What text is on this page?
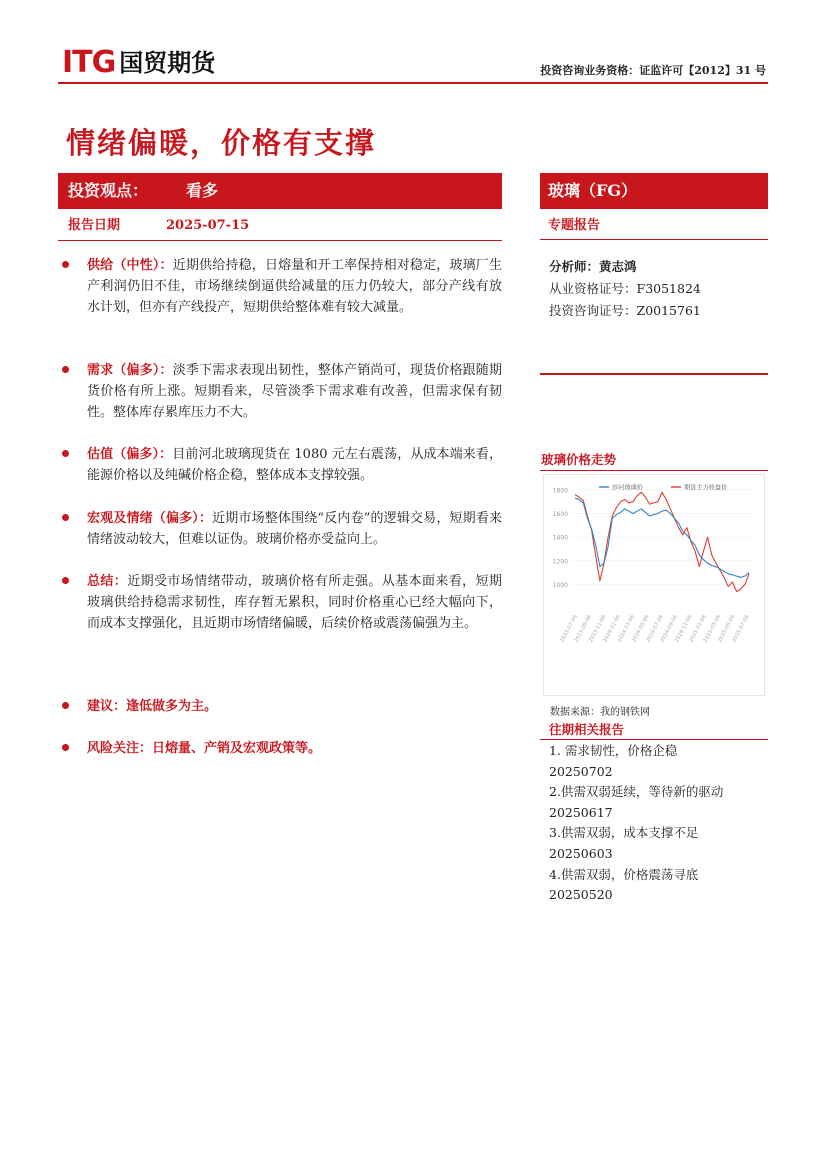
ITG 国贸期货	投资咨询业务资格：证监许可【2012】31 号
情绪偏暖，价格有支撑
投资观点： 看多	玻璃（FG）
报告日期	2025-07-15	专题报告
供给（中性）：近期供给持稳，日熔量和开工率保持相对稳定，玻璃厂生产利润仍旧不佳，市场继续倒逼供给减量的压力仍较大，部分产线有放水计划，但亦有产线投产，短期供给整体难有较大减量。
需求（偏多）：淡季下需求表现出韧性，整体产销尚可，现货价格跟随期货价格有所上涨。短期看来，尽管淡季下需求难有改善，但需求保有韧性。整体库存累库压力不大。
估值（偏多）：目前河北玻璃现货在 1080 元左右震荡，从成本端来看，能源价格以及纯碱价格企稳，整体成本支撑较强。
宏观及情绪（偏多）：近期市场整体围绕“反内卷”的逻辑交易，短期看来情绪波动较大，但难以证伪。玻璃价格亦受益向上。
总结：近期受市场情绪带动，玻璃价格有所走强。从基本面来看，短期玻璃供给持稳需求韧性，库存暂无累积，同时价格重心已经大幅向下，而成本支撑强化，且近期市场情绪偏暖，后续价格或震荡偏强为主。
建议：逢低做多为主。
风险关注：日熔量、产销及宏观政策等。
分析师：黄志鸿
从业资格证号：F3051824
投资咨询证号：Z0015761
玻璃价格走势
1800
1600
1400
1200
1000
2023-07-06
2023-09-06
2023-11-06
2024-01-06
2024-03-06
2024-05-06
2024-07-06
2024-09-06
2024-11-06
2025-01-06
2025-03-06
2025-05-06
2025-07-06
沙河玻璃价	期货主力收盘价
数据来源：我的钢铁网
往期相关报告
1. 需求韧性，价格企稳
20250702
2.供需双弱延续，等待新的驱动
20250617
3.供需双弱，成本支撑不足
20250603
4.供需双弱，价格震荡寻底
20250520
